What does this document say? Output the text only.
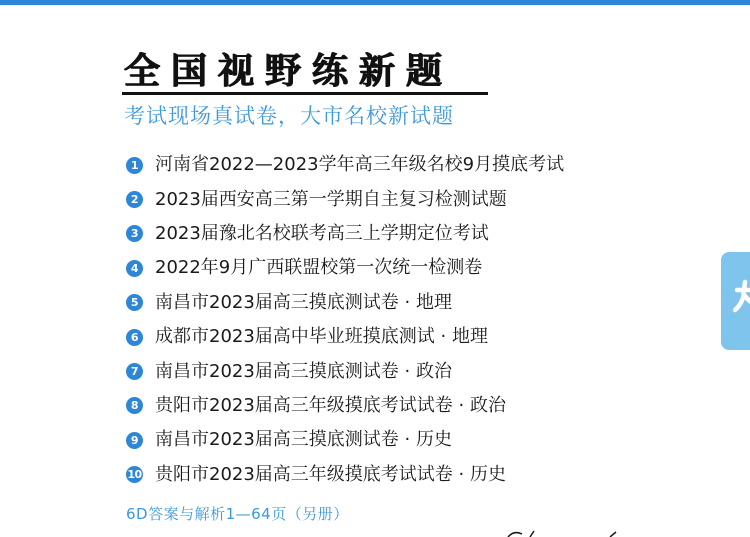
全国视野练新题
考试现场真试卷，大市名校新试题
1 河南省2022—2023学年高三年级名校9月摸底考试
2 2023届西安高三第一学期自主复习检测试题
3 2023届豫北名校联考高三上学期定位考试
4 2022年9月广西联盟校第一次统一检测卷
5 南昌市2023届高三摸底测试卷 · 地理
6 成都市2023届高中毕业班摸底测试 · 地理
7 南昌市2023届高三摸底测试卷 · 政治
8 贵阳市2023届高三年级摸底考试试卷 · 政治
9 南昌市2023届高三摸底测试卷 · 历史
10 贵阳市2023届高三年级摸底考试试卷 · 历史
6D答案与解析1—64页（另册）
